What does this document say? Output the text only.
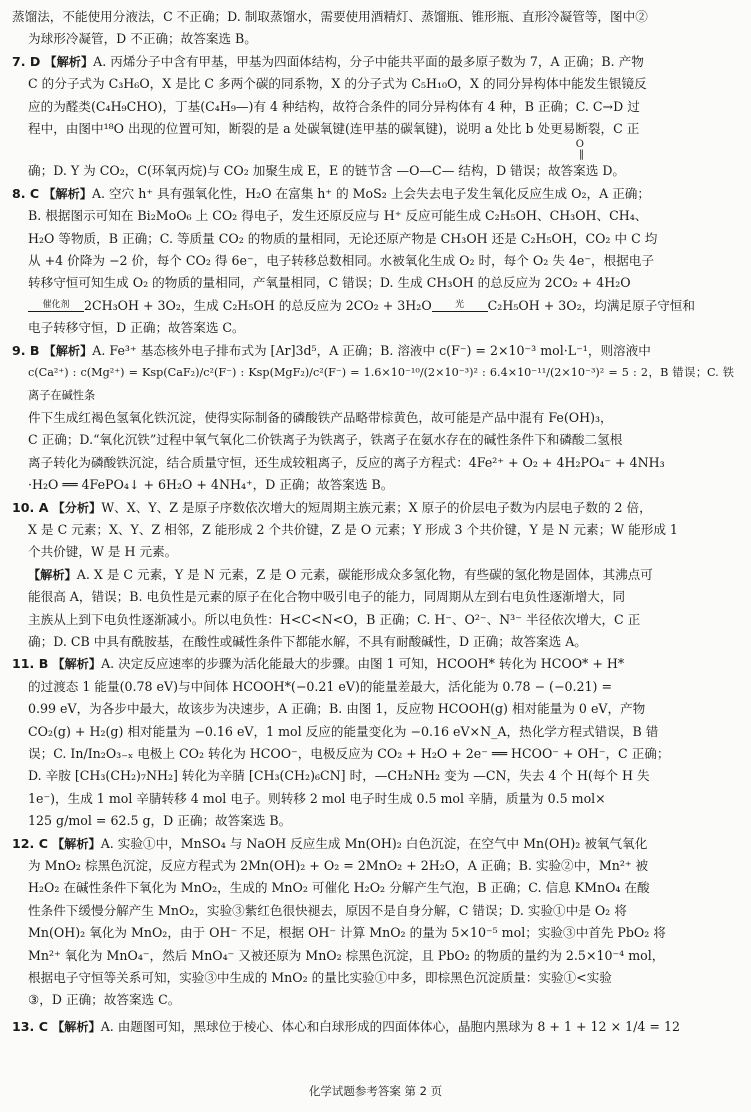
蒸馏法，不能使用分液法，C 不正确；D. 制取蒸馏水，需要使用酒精灯、蒸馏瓶、锥形瓶、直形冷凝管等，图中②
为球形冷凝管，D 不正确；故答案选 B。
7. D 【解析】A. 丙烯分子中含有甲基，甲基为四面体结构，分子中能共平面的最多原子数为 7，A 正确；B. 产物
C 的分子式为 C₃H₆O，X 是比 C 多两个碳的同系物，X 的分子式为 C₅H₁₀O，X 的同分异构体中能发生银镜反
应的为醛类(C₄H₉CHO)，丁基(C₄H₉—)有 4 种结构，故符合条件的同分异构体有 4 种，B 正确；C. C→D 过
程中，由图中¹⁸O 出现的位置可知，断裂的是 a 处碳氧键(连甲基的碳氧键)，说明 a 处比 b 处更易断裂，C 正
O
‖
确；D. Y 为 CO₂，C(环氧丙烷)与 CO₂ 加聚生成 E，E 的链节含 —O—C— 结构，D 错误；故答案选 D。
8. C 【解析】A. 空穴 h⁺ 具有强氧化性，H₂O 在富集 h⁺ 的 MoS₂ 上会失去电子发生氧化反应生成 O₂，A 正确；
B. 根据图示可知在 Bi₂MoO₆ 上 CO₂ 得电子，发生还原反应与 H⁺ 反应可能生成 C₂H₅OH、CH₃OH、CH₄、
H₂O 等物质，B 正确；C. 等质量 CO₂ 的物质的量相同，无论还原产物是 CH₃OH 还是 C₂H₅OH，CO₂ 中 C 均
从 +4 价降为 −2 价，每个 CO₂ 得 6e⁻，电子转移总数相同。水被氧化生成 O₂ 时，每个 O₂ 失 4e⁻，根据电子
转移守恒可知生成 O₂ 的物质的量相同，产氧量相同，C 错误；D. 生成 CH₃OH 的总反应为 2CO₂ + 4H₂O
催化剂 2CH₃OH + 3O₂，生成 C₂H₅OH 的总反应为 2CO₂ + 3H₂O	光 C₂H₅OH + 3O₂，均满足原子守恒和
电子转移守恒，D 正确；故答案选 C。
9. B 【解析】A. Fe³⁺ 基态核外电子排布式为 [Ar]3d⁵，A 正确；B. 溶液中 c(F⁻) = 2×10⁻³ mol·L⁻¹，则溶液中
c(Ca²⁺) : c(Mg²⁺) = Ksp(CaF₂)/c²(F⁻) : Ksp(MgF₂)/c²(F⁻) = 1.6×10⁻¹⁰/(2×10⁻³)² : 6.4×10⁻¹¹/(2×10⁻³)² = 5 : 2，B 错误；C. 铁离子在碱性条
件下生成红褐色氢氧化铁沉淀，使得实际制备的磷酸铁产品略带棕黄色，故可能是产品中混有 Fe(OH)₃，
C 正确；D.“氧化沉铁”过程中氧气氧化二价铁离子为铁离子，铁离子在氨水存在的碱性条件下和磷酸二氢根
离子转化为磷酸铁沉淀，结合质量守恒，还生成较粗离子，反应的离子方程式：4Fe²⁺ + O₂ + 4H₂PO₄⁻ + 4NH₃
·H₂O ══ 4FePO₄↓ + 6H₂O + 4NH₄⁺，D 正确；故答案选 B。
10. A 【分析】W、X、Y、Z 是原子序数依次增大的短周期主族元素；X 原子的价层电子数为内层电子数的 2 倍，
X 是 C 元素；X、Y、Z 相邻，Z 能形成 2 个共价键，Z 是 O 元素；Y 形成 3 个共价键，Y 是 N 元素；W 能形成 1
个共价键，W 是 H 元素。
【解析】A. X 是 C 元素，Y 是 N 元素，Z 是 O 元素，碳能形成众多氢化物，有些碳的氢化物是固体，其沸点可
能很高 A，错误；B. 电负性是元素的原子在化合物中吸引电子的能力，同周期从左到右电负性逐渐增大，同
主族从上到下电负性逐渐减小。所以电负性：H<C<N<O，B 正确；C. H⁻、O²⁻、N³⁻ 半径依次增大，C 正
确；D. CB 中具有酰胺基，在酸性或碱性条件下都能水解，不具有耐酸碱性，D 正确；故答案选 A。
11. B 【解析】A. 决定反应速率的步骤为活化能最大的步骤。由图 1 可知，HCOOH* 转化为 HCOO* + H*
的过渡态 1 能量(0.78 eV)与中间体 HCOOH*(−0.21 eV)的能量差最大，活化能为 0.78 − (−0.21) =
0.99 eV，为各步中最大，故该步为决速步，A 正确；B. 由图 1，反应物 HCOOH(g) 相对能量为 0 eV，产物
CO₂(g) + H₂(g) 相对能量为 −0.16 eV，1 mol 反应的能量变化为 −0.16 eV×N_A，热化学方程式错误，B 错
误；C. In/In₂O₃₋ₓ 电极上 CO₂ 转化为 HCOO⁻，电极反应为 CO₂ + H₂O + 2e⁻ ══ HCOO⁻ + OH⁻，C 正确；
D. 辛胺 [CH₃(CH₂)₇NH₂] 转化为辛腈 [CH₃(CH₂)₆CN] 时，—CH₂NH₂ 变为 —CN，失去 4 个 H(每个 H 失
1e⁻)，生成 1 mol 辛腈转移 4 mol 电子。则转移 2 mol 电子时生成 0.5 mol 辛腈，质量为 0.5 mol×
125 g/mol = 62.5 g，D 正确；故答案选 B。
12. C 【解析】A. 实验①中，MnSO₄ 与 NaOH 反应生成 Mn(OH)₂ 白色沉淀，在空气中 Mn(OH)₂ 被氧气氧化
为 MnO₂ 棕黑色沉淀，反应方程式为 2Mn(OH)₂ + O₂ = 2MnO₂ + 2H₂O，A 正确；B. 实验②中，Mn²⁺ 被
H₂O₂ 在碱性条件下氧化为 MnO₂，生成的 MnO₂ 可催化 H₂O₂ 分解产生气泡，B 正确；C. 信息 KMnO₄ 在酸
性条件下缓慢分解产生 MnO₂，实验③紫红色很快褪去，原因不是自身分解，C 错误；D. 实验①中是 O₂ 将
Mn(OH)₂ 氧化为 MnO₂，由于 OH⁻ 不足，根据 OH⁻ 计算 MnO₂ 的量为 5×10⁻⁵ mol；实验③中首先 PbO₂ 将
Mn²⁺ 氧化为 MnO₄⁻，然后 MnO₄⁻ 又被还原为 MnO₂ 棕黑色沉淀，且 PbO₂ 的物质的量约为 2.5×10⁻⁴ mol，
根据电子守恒等关系可知，实验③中生成的 MnO₂ 的量比实验①中多，即棕黑色沉淀质量：实验①<实验
③，D 正确；故答案选 C。
13. C 【解析】A. 由题图可知，黑球位于棱心、体心和白球形成的四面体体心，晶胞内黑球为 8 + 1 + 12 × 1/4 = 12
化学试题参考答案 第 2 页
